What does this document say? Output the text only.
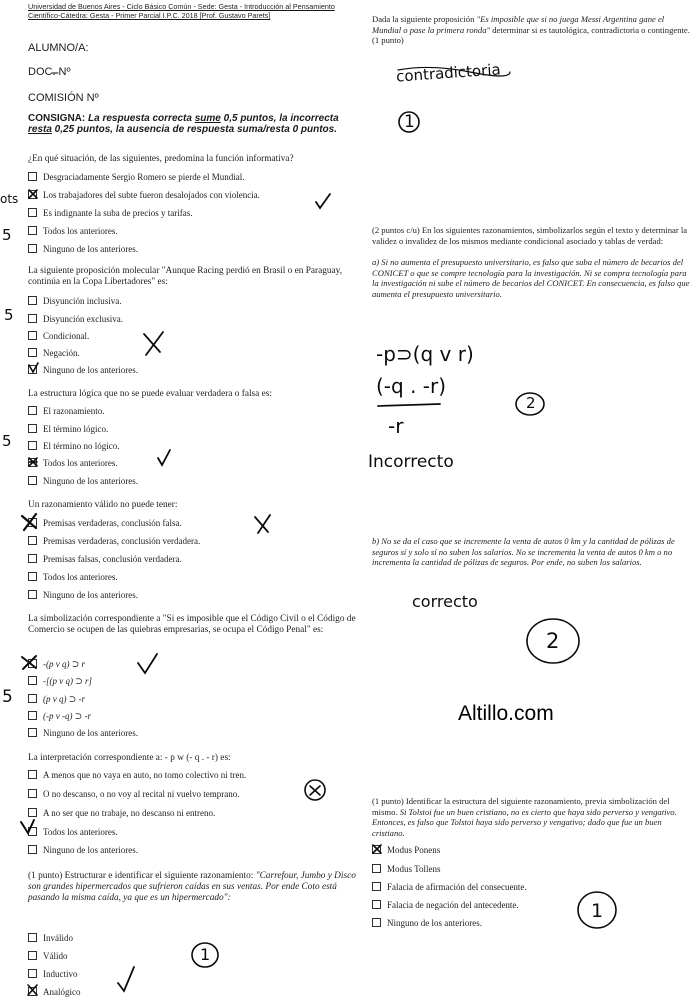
Universidad de Buenos Aires - Ciclo Básico Común - Sede: Gesta - Introducción al Pensamiento
Científico-Cátedra: Gesta - Primer Parcial I.P.C. 2018 [Prof. Gustavo Parets]
ALUMNO/A:
DOC. Nº
COMISIÓN Nº
CONSIGNA: La respuesta correcta sume 0,5 puntos, la incorrecta resta 0,25 puntos, la ausencia de respuesta suma/resta 0 puntos.
¿En qué situación, de las siguientes, predomina la función informativa?
Desgraciadamente Sergio Romero se pierde el Mundial.
Los trabajadores del subte fueron desalojados con violencia.
Es indignante la suba de precios y tarifas.
Todos los anteriores.
Ninguno de los anteriores.
La siguiente proposición molecular "Aunque Racing perdió en Brasil o en Paraguay, continúa en la Copa Libertadores" es:
Disyunción inclusiva.
Disyunción exclusiva.
Condicional.
Negación.
Ninguno de los anteriores.
La estructura lógica que no se puede evaluar verdadera o falsa es:
El razonamiento.
El término lógico.
El término no lógico.
Todos los anteriores.
Ninguno de los anteriores.
Un razonamiento válido no puede tener:
Premisas verdaderas, conclusión falsa.
Premisas verdaderas, conclusión verdadera.
Premisas falsas, conclusión verdadera.
Todos los anteriores.
Ninguno de los anteriores.
La simbolización correspondiente a "Si es imposible que el Código Civil o el Código de Comercio se ocupen de las quiebras empresarias, se ocupa el Código Penal" es:
-(p v q) ⊃ r
-[(p v q) ⊃ r]
(p v q) ⊃ -r
(-p v -q) ⊃ -r
Ninguno de los anteriores.
La interpretación correspondiente a: - p w (- q . - r) es:
A menos que no vaya en auto, no tomo colectivo ni tren.
O no descanso, o no voy al recital ni vuelvo temprano.
A no ser que no trabaje, no descanso ni entreno.
Todos los anteriores.
Ninguno de los anteriores.
(1 punto) Estructurar e identificar el siguiente razonamiento: "Carrefour, Jumbo y Disco son grandes hipermercados que sufrieron caídas en sus ventas. Por ende Coto está pasando la misma caída, ya que es un hipermercado":
Inválido
Válido
Inductivo
Analógico
Dada la siguiente proposición "Es imposible que si no juega Messi Argentina gane el Mundial o pase la primera ronda" determinar si es tautológica, contradictoria o contingente. (1 punto)
(2 puntos c/u) En los siguientes razonamientos, simbolizarlos según el texto y determinar la validez o invalidez de los mismos mediante condicional asociado y tablas de verdad:
a) Si no aumenta el presupuesto universitario, es falso que suba el número de becarios del CONICET o que se compre tecnología para la investigación. Ni se compra tecnología para la investigación ni sube el número de becarios del CONICET. En consecuencia, es falso que aumenta el presupuesto universitario.
b) No se da el caso que se incremente la venta de autos 0 km y la cantidad de pólizas de seguros sí y solo sí no suben los salarios. No se incrementa la venta de autos 0 km o no incrementa la cantidad de pólizas de seguros. Por ende, no suben los salarios.
Altillo.com
(1 punto) Identificar la estructura del siguiente razonamiento, previa simbolización del mismo. Si Tolstoi fue un buen cristiano, no es cierto que haya sido perverso y vengativo. Entonces, es falso que Tolstoi haya sido perverso y vengativo; dado que fue un buen cristiano.
Modus Ponens
Modus Tollens
Falacia de afirmación del consecuente.
Falacia de negación del antecedente.
Ninguno de los anteriores.
contradictoria
1
-p⊃(q v r)
(-q . -r)
-r
2
Incorrecto
correcto
2
1
1
ots
5
5
5
5
